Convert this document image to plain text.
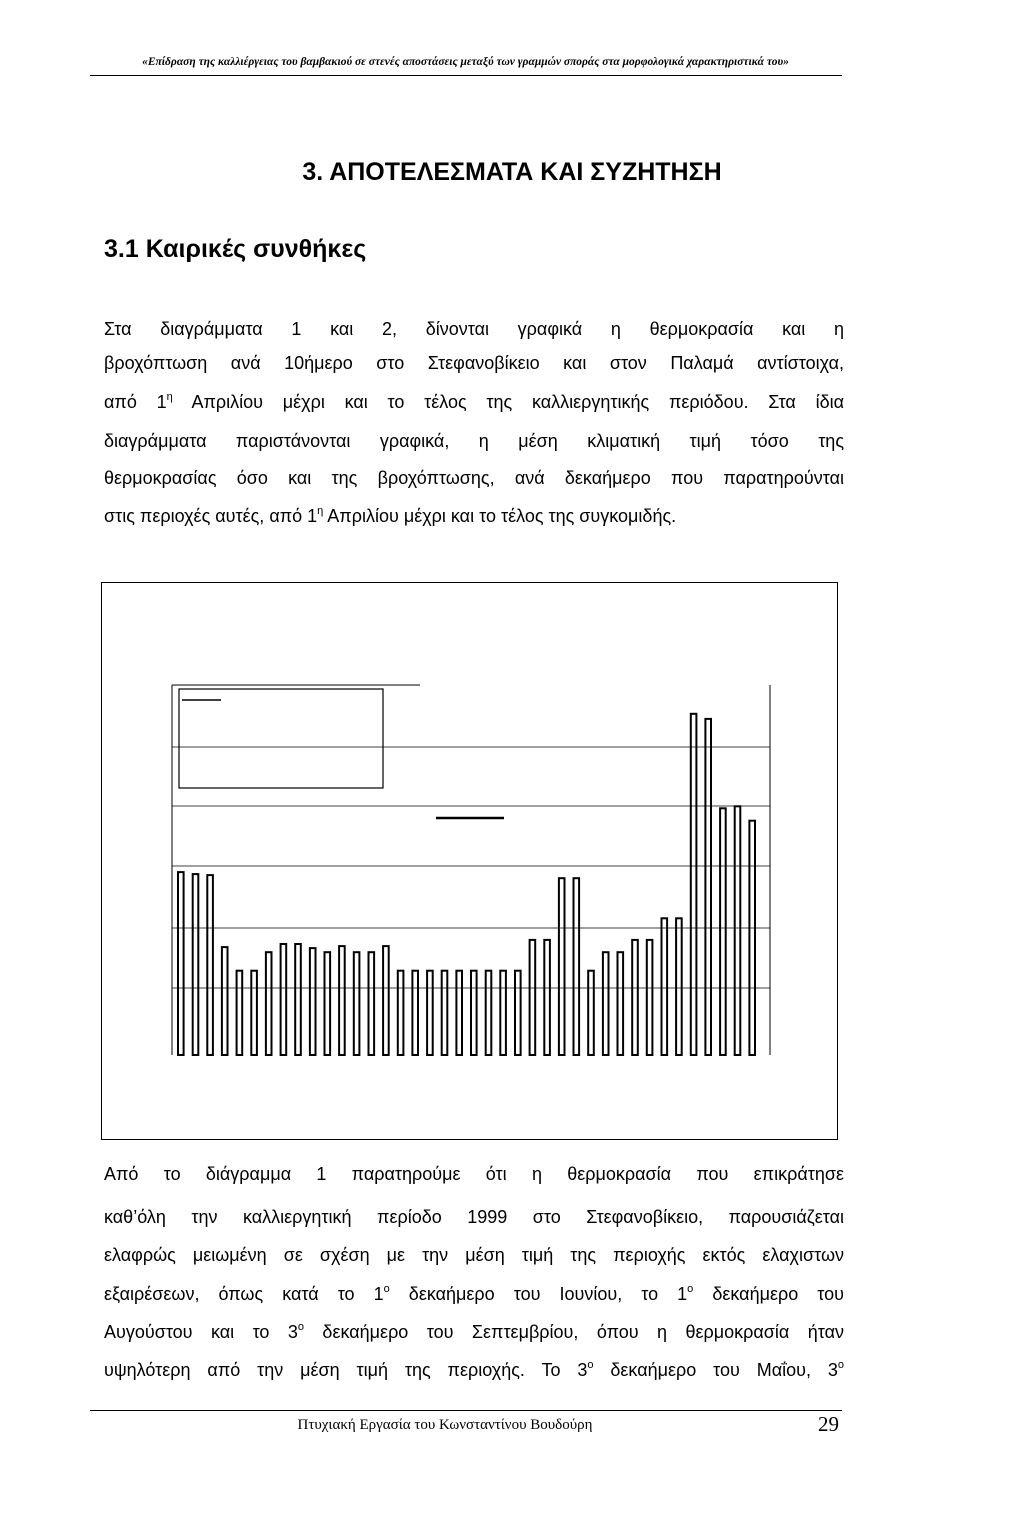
«Επίδραση της καλλιέργειας του βαμβακιού σε στενές αποστάσεις μεταξύ των γραμμών σποράς στα μορφολογικά χαρακτηριστικά του»
3. ΑΠΟΤΕΛΕΣΜΑΤΑ ΚΑΙ ΣΥΖΗΤΗΣΗ
3.1 Καιρικές συνθήκες
Στα διαγράμματα 1 και 2, δίνονται γραφικά η θερμοκρασία και η
βροχόπτωση ανά 10ήμερο στο Στεφανοβίκειο και στον Παλαμά αντίστοιχα,
από $1^\eta$ Απριλίου μέχρι και το τέλος της καλλιεργητικής περιόδου. Στα ίδια
διαγράμματα παριστάνονται γραφικά, η μέση κλιματική τιμή τόσο της
θερμοκρασίας όσο και της βροχόπτωσης, ανά δεκαήμερο που παρατηρούνται
στις περιοχές αυτές, από $1^\eta$ Απριλίου μέχρι και το τέλος της συγκομιδής.
Από το διάγραμμα 1 παρατηρούμε ότι η θερμοκρασία που επικράτησε
καθ’όλη την καλλιεργητική περίοδο 1999 στο Στεφανοβίκειο, παρουσιάζεται
ελαφρώς μειωμένη σε σχέση με την μέση τιμή της περιοχής εκτός ελαχιστων
εξαιρέσεων, όπως κατά το $1^o$ δεκαήμερο του Ιουνίου, το $1^o$ δεκαήμερο του
Αυγούστου και το $3^o$ δεκαήμερο του Σεπτεμβρίου, όπου η θερμοκρασία ήταν
υψηλότερη από την μέση τιμή της περιοχής. Το $3^o$ δεκαήμερο του Μαΐου, $3^o$
Πτυχιακή Εργασία του Κωνσταντίνου Βουδούρη	29
